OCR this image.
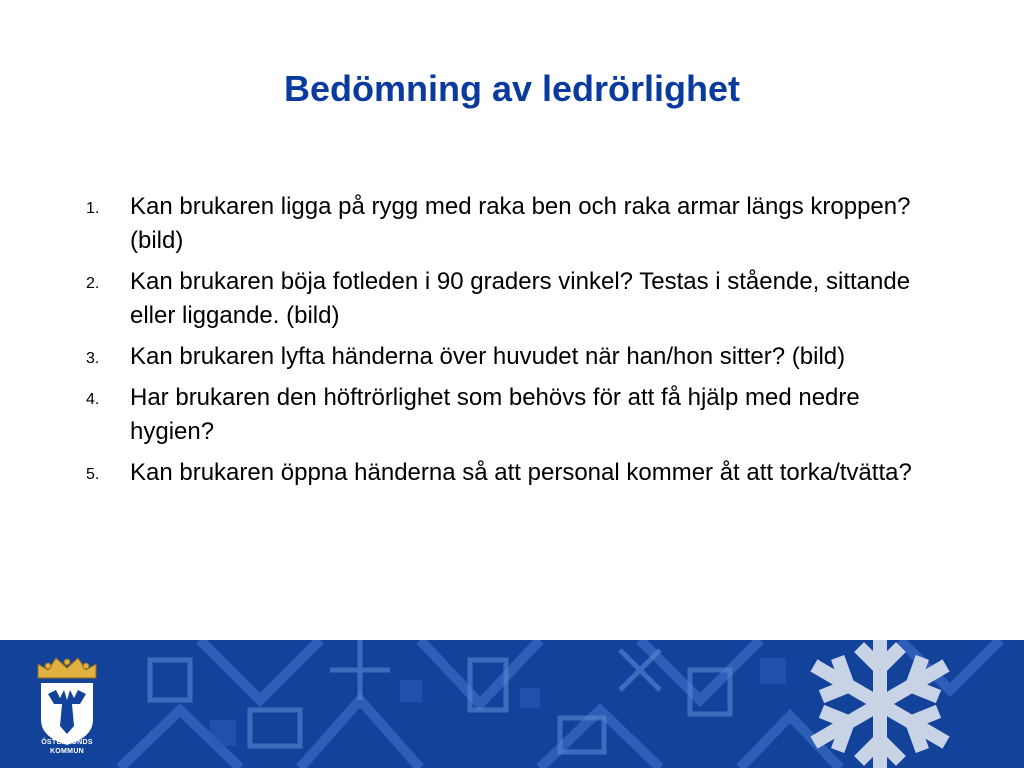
Bedömning av ledrörlighet
1. Kan brukaren ligga på rygg med raka ben och raka armar längs kroppen? (bild)
2. Kan brukaren böja fotleden i 90 graders vinkel? Testas i stående, sittande eller liggande. (bild)
3. Kan brukaren lyfta händerna över huvudet när han/hon sitter? (bild)
4. Har brukaren den höftrörlighet som behövs för att få hjälp med nedre hygien?
5. Kan brukaren öppna händerna så att personal kommer åt att torka/tvätta?
ÖSTERSUNDS
KOMMUN
